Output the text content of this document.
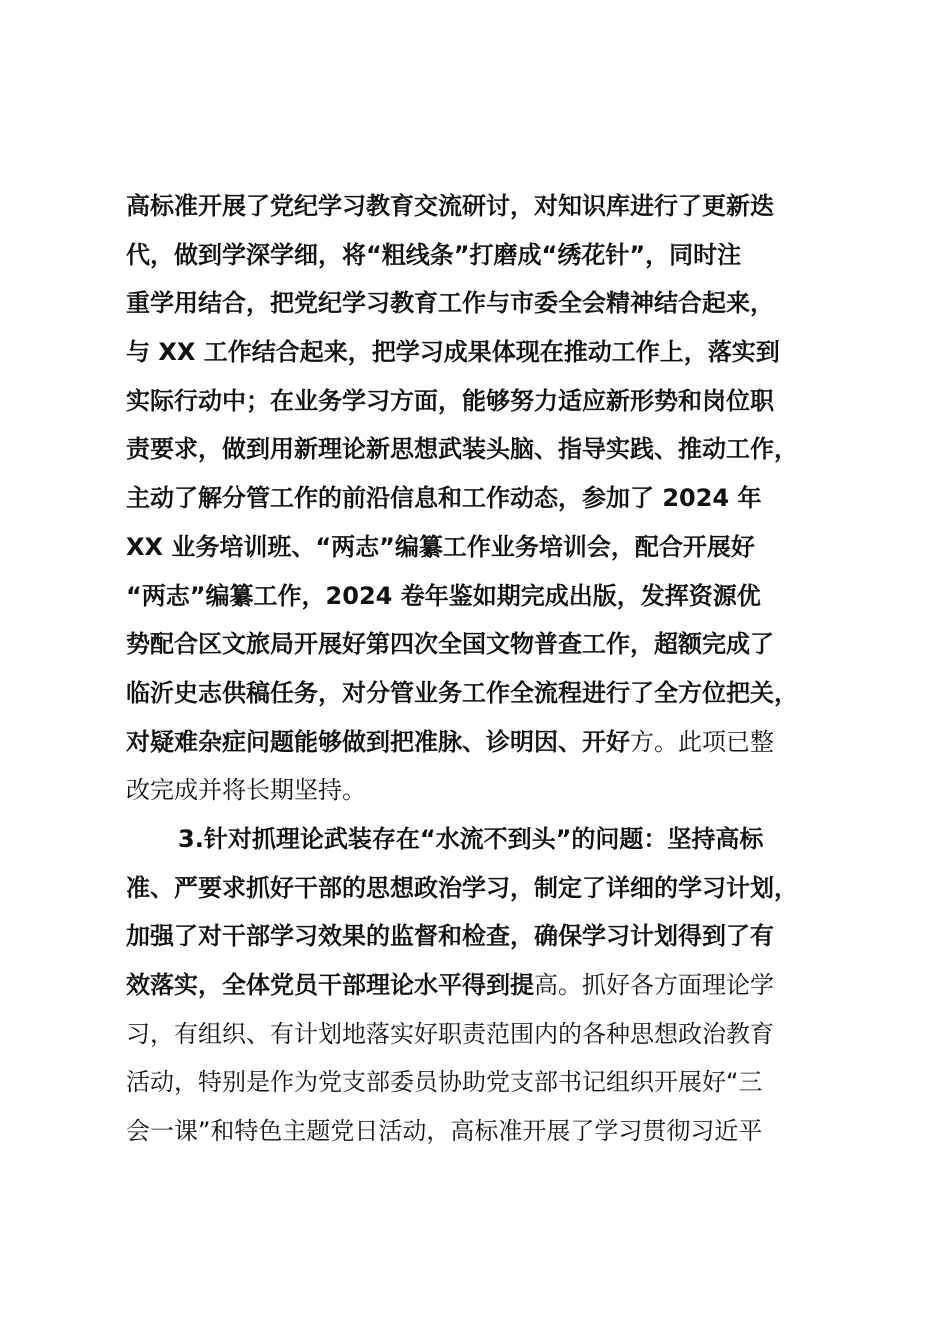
高标准开展了党纪学习教育交流研讨，对知识库进行了更新迭
代，做到学深学细，将“粗线条”打磨成“绣花针”，同时注
重学用结合，把党纪学习教育工作与市委全会精神结合起来，
与 XX 工作结合起来，把学习成果体现在推动工作上，落实到
实际行动中；在业务学习方面，能够努力适应新形势和岗位职
责要求，做到用新理论新思想武装头脑、指导实践、推动工作，
主动了解分管工作的前沿信息和工作动态，参加了 2024 年
XX 业务培训班、“两志”编纂工作业务培训会，配合开展好
“两志”编纂工作，2024 卷年鉴如期完成出版，发挥资源优
势配合区文旅局开展好第四次全国文物普查工作，超额完成了
临沂史志供稿任务，对分管业务工作全流程进行了全方位把关，
对疑难杂症问题能够做到把准脉、诊明因、开好 方。此项已整
改完成并将长期坚持。
3.针对抓理论武装存在“水流不到头”的问题：坚持高标
准、严要求抓好干部的思想政治学习，制定了详细的学习计划，
加强了对干部学习效果的监督和检查，确保学习计划得到了有
效落实，全体党员干部理论水平得到提 高。抓好各方面理论学
习，有组织、有计划地落实好职责范围内的各种思想政治教育
活动，特别是作为党支部委员协助党支部书记组织开展好“三
会一课”和特色主题党日活动，高标准开展了学习贯彻习近平
